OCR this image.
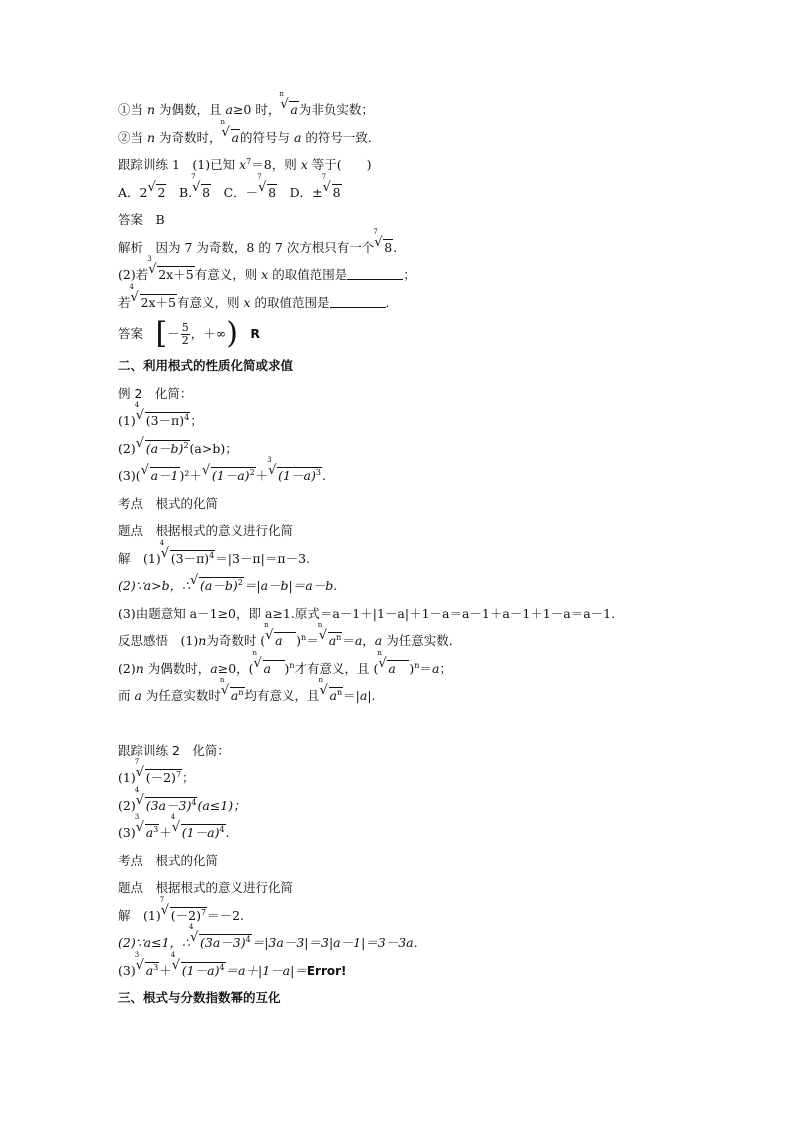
①当 n 为偶数，且 a≥0 时，
n
√ a为非负实数；
②当 n 为奇数时，
n
√ a的符号与 a 的符号一致．
跟踪训练 1　(1)已知 $x^7=8$，则 x 等于(　　)
A．2 √ 2　B.
7
√ 8　C．－
7
√ 8　D．±
7
√ 8
答案　 B
解析　 因为 7 为奇数，8 的 7 次方根只有一个
7
√ 8.
(2)若
3
√ 2x＋5有意义，则 x 的取值范围是	；
若
4
√ 2x＋5有意义，则 x 的取值范围是	．
答案
　 [ － $\frac{5}{2}$ ，＋∞ )
　 R
二、利用根式的性质化简或求值
例 2　化简：
(1)
4
√ $(3-\pi)^4$；
(2) √ $(a-b)^2(a>b)$；
(3)( √ a－1)²＋ √ $(1-a)^2+$
3
√ $(1-a)^3$.
考点　 根式的化简
题点　 根据根式的意义进行化简
解　 (1)
4
√ $(3-\pi)^4=|3-\pi|=\pi-3$.
(2)∵a>b，∴ √ $(a-b)^2=|a-b|=a-b$.
(3)由题意知 a－1≥0，即 a≥1.原式＝a－1＋|1－a|＋1－a＝a－1＋a－1＋1－a＝a－1.
反思感悟　 (1)n为奇数时 (
n
√ a　 )$^n$＝
n
√ $a^n=a$，a 为任意实数．
(2)n 为偶数时，a≥0，(
n
√ a　 )$^n$才有意义，且 (
n
√ a　 )$^n$＝a；
而 a 为任意实数时
n
√ $a^n$均有意义，且
n
√ $a^n=|a|$.
跟踪训练 2　化简：
(1)
7
√ $(-2)^7$；
(2)
4
√ $(3a-3)^4(a\le 1)$；
(3)
3
√ $a^3+$
4
√ $(1-a)^4$.
考点　 根式的化简
题点　 根据根式的意义进行化简
解　 (1)
7
√ $(-2)^7=-2$.
(2)∵a≤1，∴
4
√ $(3a-3)^4=|3a-3|=3|a-1|=3-3a$.
(3)
3
√ $a^3+$
4
√ $(1-a)^4=a+|1-a|=Error$!
三、根式与分数指数幂的互化
